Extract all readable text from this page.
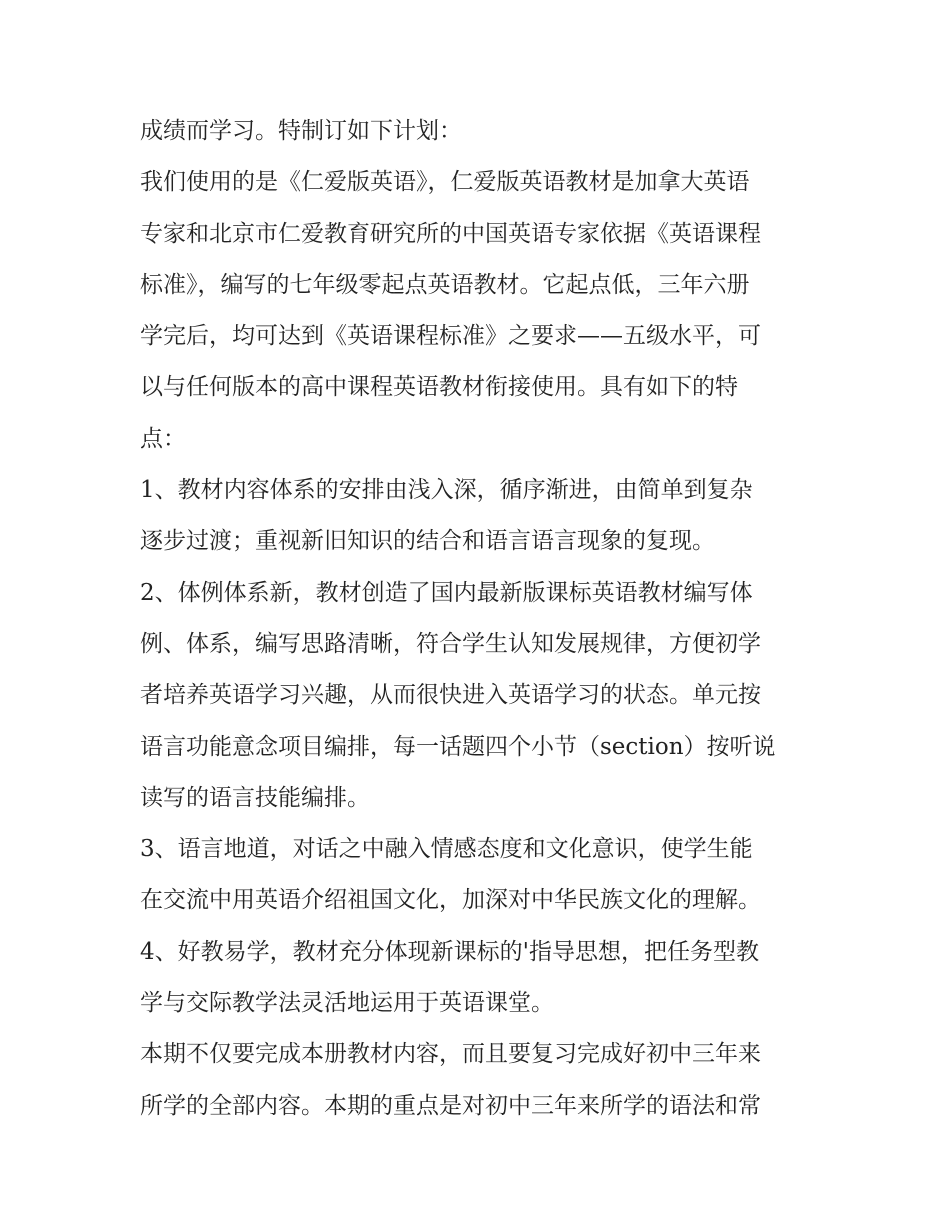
成绩而学习。特制订如下计划：
我们使用的是《仁爱版英语》，仁爱版英语教材是加拿大英语
专家和北京市仁爱教育研究所的中国英语专家依据《英语课程
标准》，编写的七年级零起点英语教材。它起点低，三年六册
学完后，均可达到《英语课程标准》之要求——五级水平，可
以与任何版本的高中课程英语教材衔接使用。具有如下的特
点：
1、教材内容体系的安排由浅入深，循序渐进，由简单到复杂
逐步过渡；重视新旧知识的结合和语言语言现象的复现。
2、体例体系新，教材创造了国内最新版课标英语教材编写体
例、体系，编写思路清晰，符合学生认知发展规律，方便初学
者培养英语学习兴趣，从而很快进入英语学习的状态。单元按
语言功能意念项目编排，每一话题四个小节（section）按听说
读写的语言技能编排。
3、语言地道，对话之中融入情感态度和文化意识，使学生能
在交流中用英语介绍祖国文化，加深对中华民族文化的理解。
4、好教易学，教材充分体现新课标的'指导思想，把任务型教
学与交际教学法灵活地运用于英语课堂。
本期不仅要完成本册教材内容，而且要复习完成好初中三年来
所学的全部内容。本期的重点是对初中三年来所学的语法和常
